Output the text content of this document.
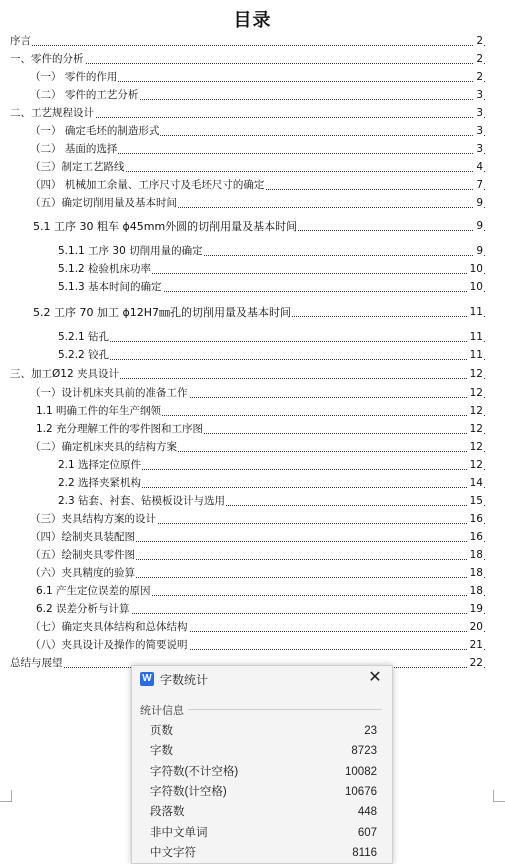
目录
序言	2
一、零件的分析	2
（一） 零件的作用	2
（二） 零件的工艺分析	3
二、工艺规程设计	3
（一） 确定毛坯的制造形式	3
（二） 基面的选择	3
（三）制定工艺路线	4
（四） 机械加工余量、工序尺寸及毛坯尺寸的确定	7
（五）确定切削用量及基本时间	9
5.1 工序 30 粗车 ϕ45mm外圆的切削用量及基本时间	9
5.1.1 工序 30 切削用量的确定	9
5.1.2 检验机床功率	10
5.1.3 基本时间的确定	10
5.2 工序 70 加工 ϕ12H7㎜孔的切削用量及基本时间	11
5.2.1 钻孔	11
5.2.2 铰孔	11
三、加工Ø12 夹具设计	12
（一）设计机床夹具前的准备工作	12
1.1 明确工件的年生产纲领	12
1.2 充分理解工件的零件图和工序图	12
（二）确定机床夹具的结构方案	12
2.1 选择定位原件	12
2.2 选择夹紧机构	14
2.3 钻套、衬套、钻模板设计与选用	15
（三）夹具结构方案的设计	16
（四）绘制夹具装配图	16
（五）绘制夹具零件图	18
（六）夹具精度的验算	18
6.1 产生定位误差的原因	18
6.2 误差分析与计算	19
（七）确定夹具体结构和总体结构	20
（八）夹具设计及操作的简要说明	21
总结与展望	22
W 字数统计	✕
统计信息
页数	23
字数	8723
字符数(不计空格)	10082
字符数(计空格)	10676
段落数	448
非中文单词	607
中文字符	8116
